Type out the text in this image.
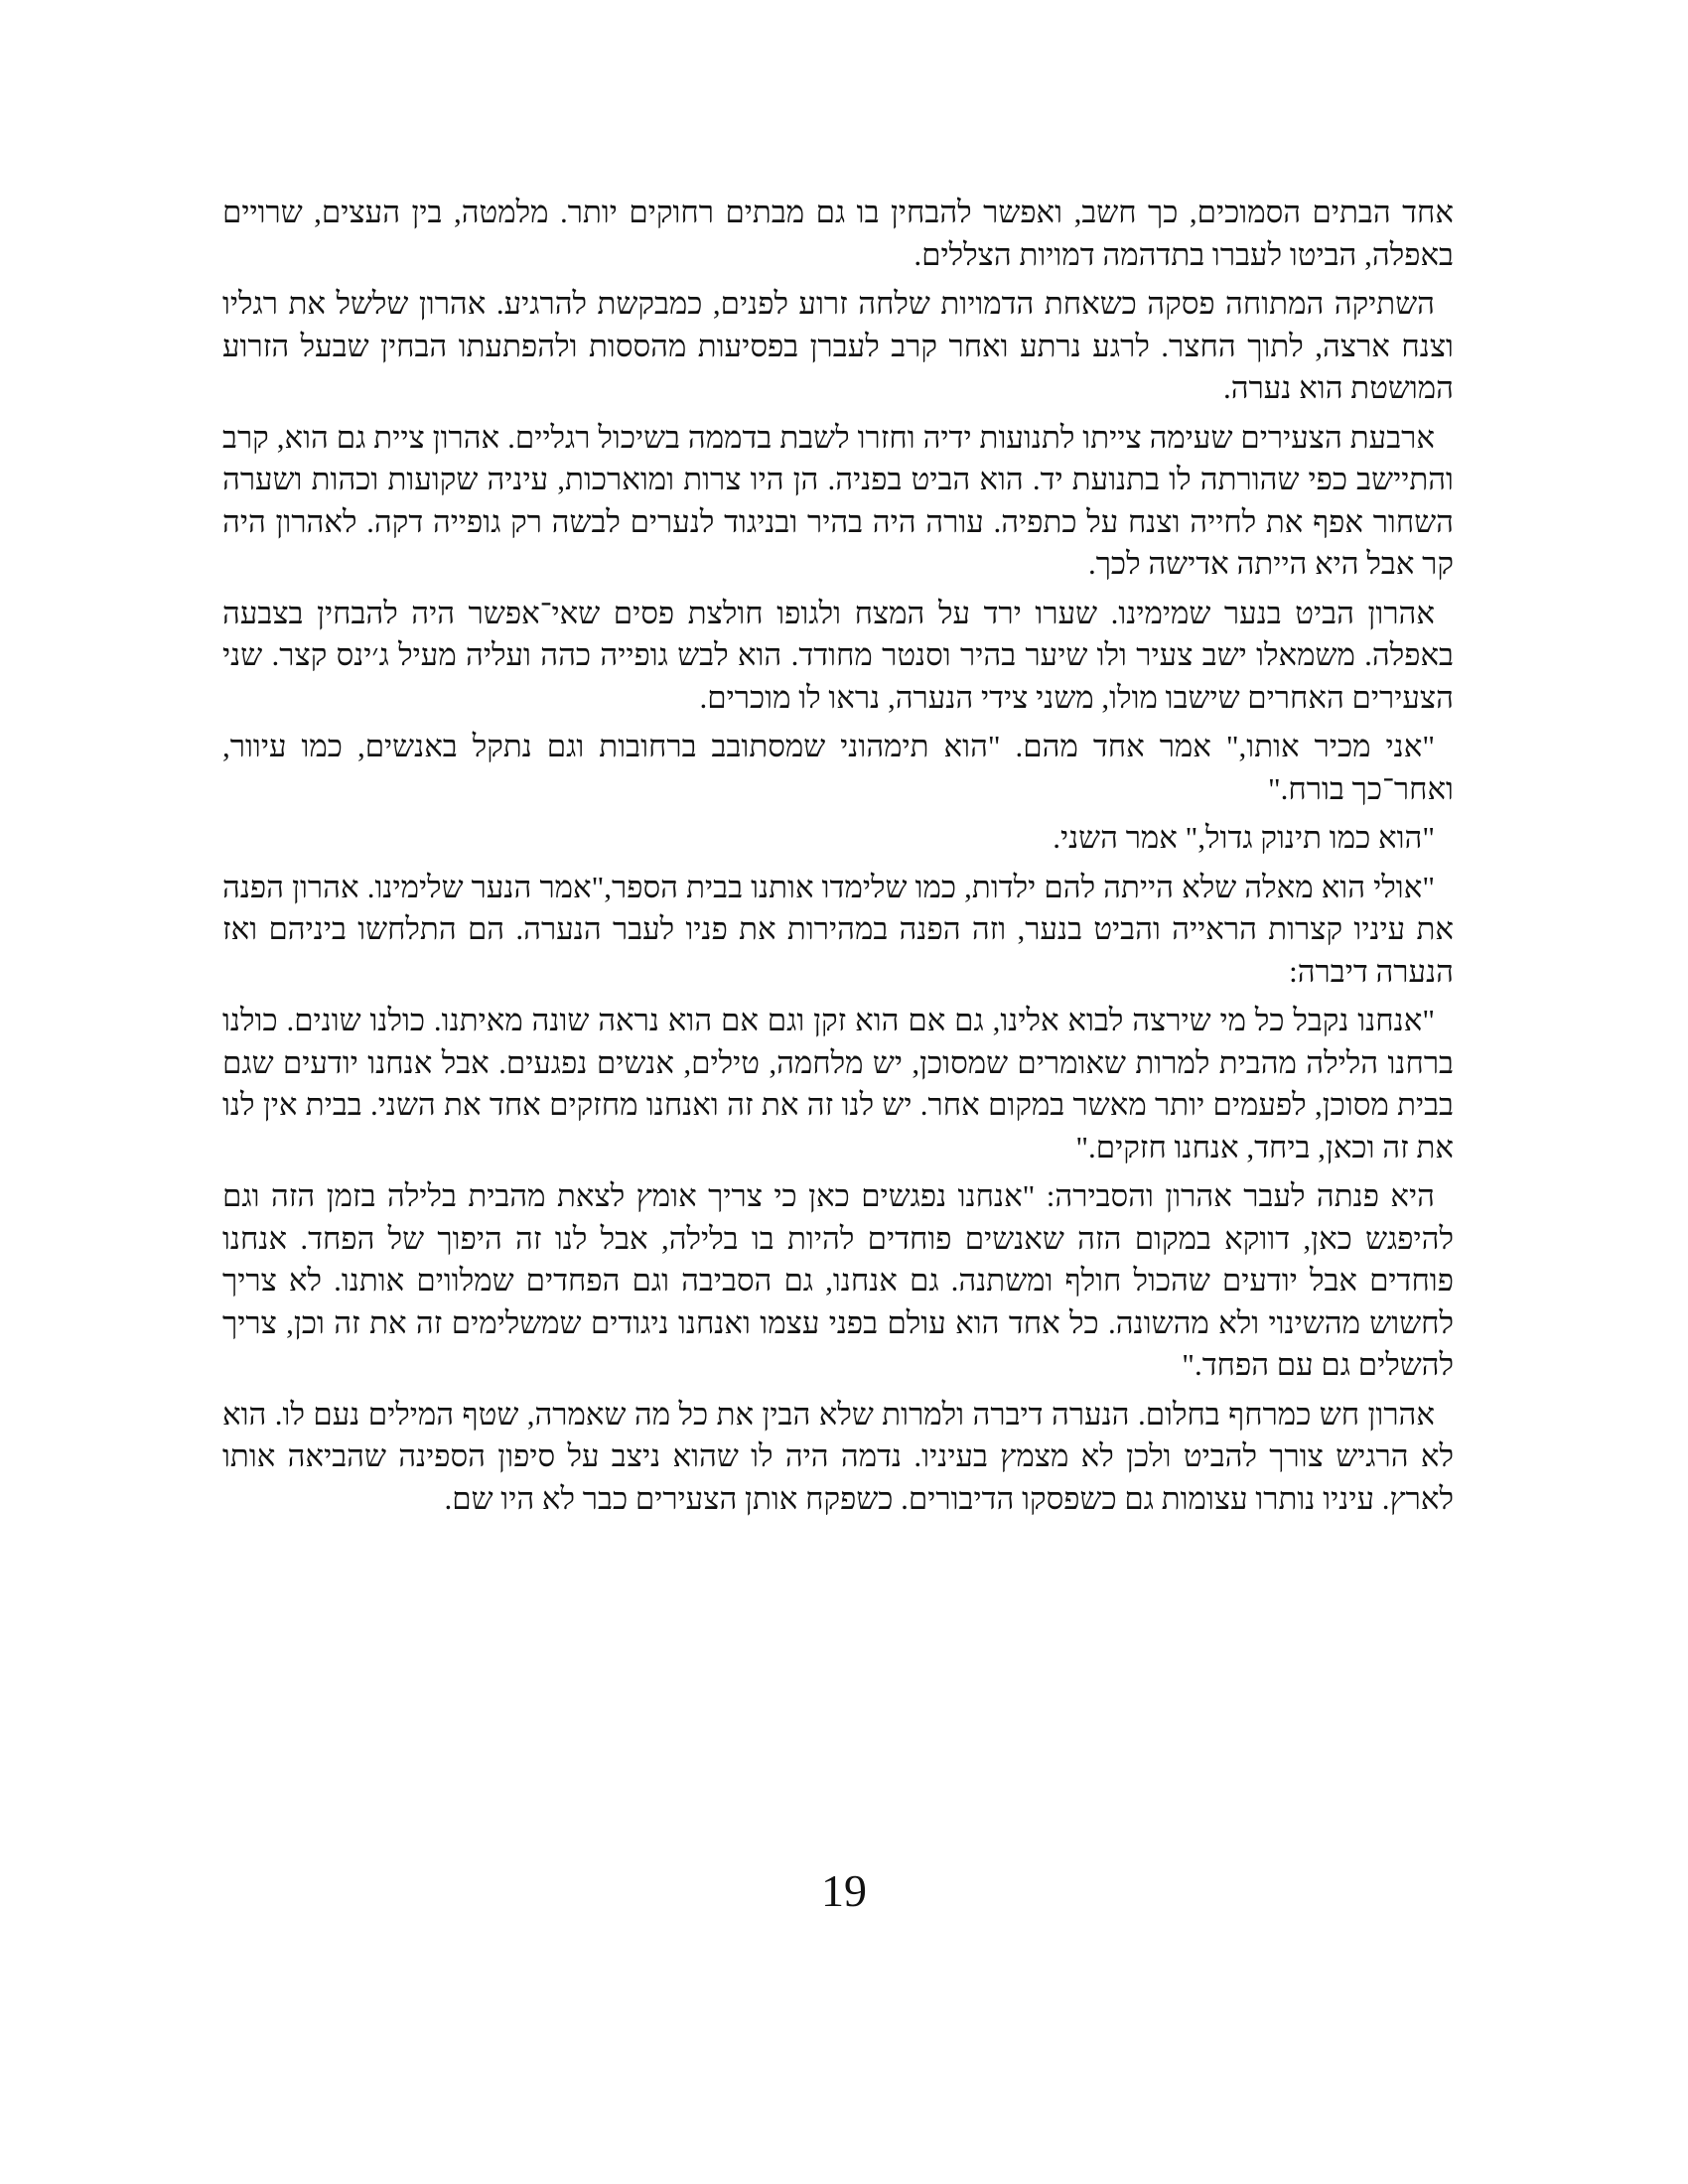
אחד הבתים הסמוכים, כך חשב, ואפשר להבחין בו גם מבתים רחוקים יותר. מלמטה, בין העצים, שרויים באפלה, הביטו לעברו בתדהמה דמויות הצללים.

השתיקה המתוחה פסקה כשאחת הדמויות שלחה זרוע לפנים, כמבקשת להרגיע. אהרון שלשל את רגליו וצנח ארצה, לתוך החצר. לרגע נרתע ואחר קרב לעברן בפסיעות מהססות ולהפתעתו הבחין שבעל הזרוע המושטת הוא נערה.

ארבעת הצעירים שעימה צייתו לתנועות ידיה וחזרו לשבת בדממה בשיכול רגליים. אהרון ציית גם הוא, קרב והתיישב כפי שהורתה לו בתנועת יד. הוא הביט בפניה. הן היו צרות ומוארכות, עיניה שקועות וכהות ושערה השחור אפף את לחייה וצנח על כתפיה. עורה היה בהיר ובניגוד לנערים לבשה רק גופייה דקה. לאהרון היה קר אבל היא הייתה אדישה לכך.

אהרון הביט בנער שמימינו. שערו ירד על המצח ולגופו חולצת פסים שאי־אפשר היה להבחין בצבעה באפלה. משמאלו ישב צעיר ולו שיער בהיר וסנטר מחודד. הוא לבש גופייה כהה ועליה מעיל ג׳ינס קצר. שני הצעירים האחרים שישבו מולו, משני צידי הנערה, נראו לו מוכרים.

"אני מכיר אותו," אמר אחד מהם. "הוא תימהוני שמסתובב ברחובות וגם נתקל באנשים, כמו עיוור, ואחר־כך בורח."

"הוא כמו תינוק גדול," אמר השני.

"אולי הוא מאלה שלא הייתה להם ילדות, כמו שלימדו אותנו בבית הספר,"אמר הנער שלימינו. אהרון הפנה את עיניו קצרות הראייה והביט בנער, וזה הפנה במהירות את פניו לעבר הנערה. הם התלחשו ביניהם ואז הנערה דיברה:

"אנחנו נקבל כל מי שירצה לבוא אלינו, גם אם הוא זקן וגם אם הוא נראה שונה מאיתנו. כולנו שונים. כולנו ברחנו הלילה מהבית למרות שאומרים שמסוכן, יש מלחמה, טילים, אנשים נפגעים. אבל אנחנו יודעים שגם בבית מסוכן, לפעמים יותר מאשר במקום אחר. יש לנו זה את זה ואנחנו מחזקים אחד את השני. בבית אין לנו את זה וכאן, ביחד, אנחנו חזקים."

היא פנתה לעבר אהרון והסבירה: "אנחנו נפגשים כאן כי צריך אומץ לצאת מהבית בלילה בזמן הזה וגם להיפגש כאן, דווקא במקום הזה שאנשים פוחדים להיות בו בלילה, אבל לנו זה היפוך של הפחד. אנחנו פוחדים אבל יודעים שהכול חולף ומשתנה. גם אנחנו, גם הסביבה וגם הפחדים שמלווים אותנו. לא צריך לחשוש מהשינוי ולא מהשונה. כל אחד הוא עולם בפני עצמו ואנחנו ניגודים שמשלימים זה את זה וכן, צריך להשלים גם עם הפחד."

אהרון חש כמרחף בחלום. הנערה דיברה ולמרות שלא הבין את כל מה שאמרה, שטף המילים נעם לו. הוא לא הרגיש צורך להביט ולכן לא מצמץ בעיניו. נדמה היה לו שהוא ניצב על סיפון הספינה שהביאה אותו לארץ. עיניו נותרו עצומות גם כשפסקו הדיבורים. כשפקח אותן הצעירים כבר לא היו שם.

19
